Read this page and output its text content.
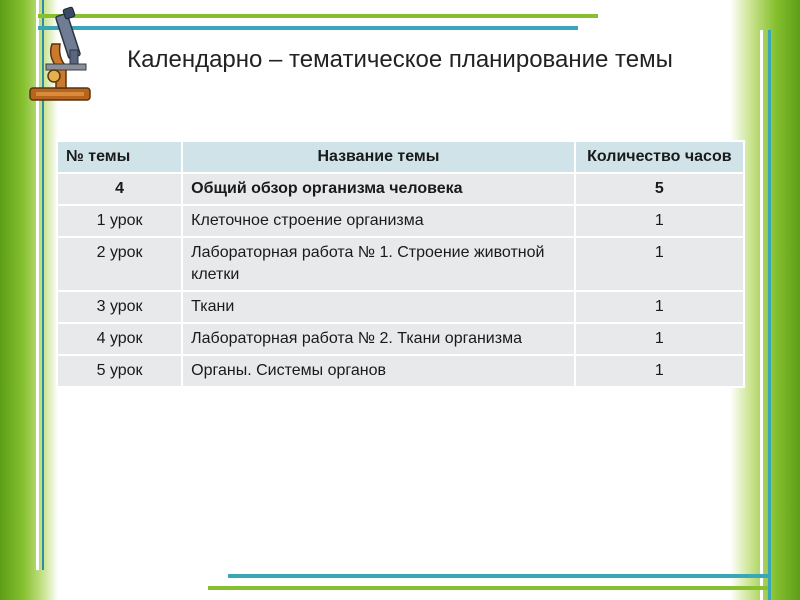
Календарно – тематическое планирование темы
№ темы	Название темы	Количество часов
4	Общий обзор организма человека	5
1 урок	Клеточное строение организма	1
2 урок	Лабораторная работа № 1. Строение животной клетки	1
3 урок	Ткани	1
4 урок	Лабораторная работа № 2. Ткани организма	1
5 урок	Органы. Системы органов	1
